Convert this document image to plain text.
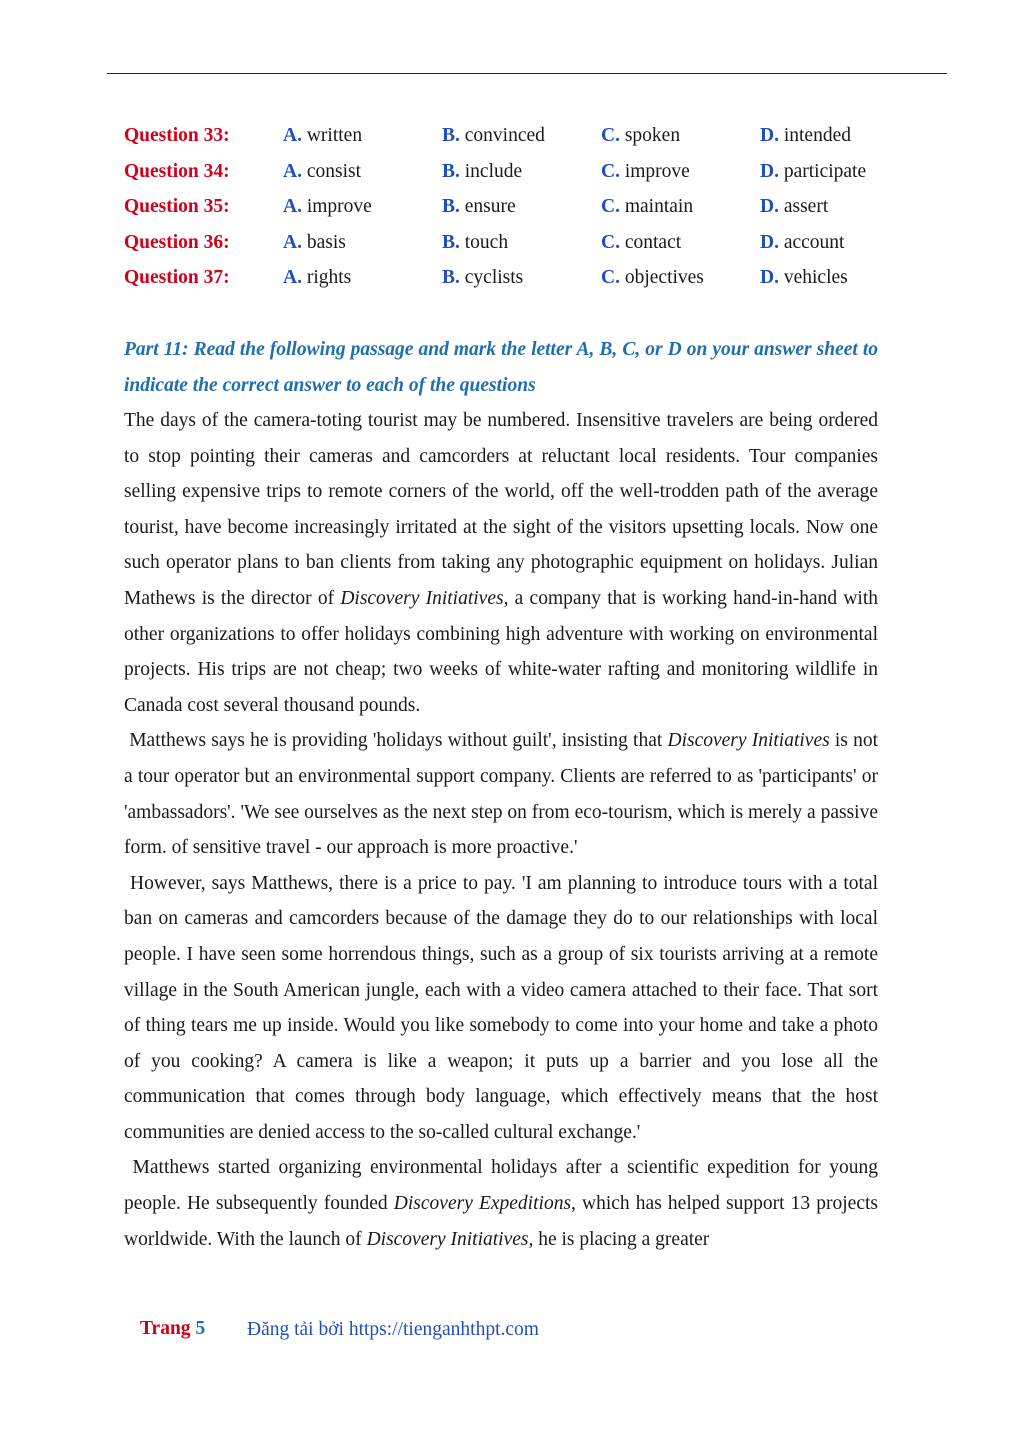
Question 33:	A. written	B. convinced	C. spoken	D. intended
Question 34:	A. consist	B. include	C. improve	D. participate
Question 35:	A. improve	B. ensure	C. maintain	D. assert
Question 36:	A. basis	B. touch	C. contact	D. account
Question 37:	A. rights	B. cyclists	C. objectives	D. vehicles
Part 11: Read the following passage and mark the letter A, B, C, or D on your answer sheet to indicate the correct answer to each of the questions

The days of the camera-toting tourist may be numbered. Insensitive travelers are being ordered to stop pointing their cameras and camcorders at reluctant local residents. Tour companies selling expensive trips to remote corners of the world, off the well-trodden path of the average tourist, have become increasingly irritated at the sight of the visitors upsetting locals. Now one such operator plans to ban clients from taking any photographic equipment on holidays. Julian Mathews is the director of Discovery Initiatives, a company that is working hand-in-hand with other organizations to offer holidays combining high adventure with working on environmental projects. His trips are not cheap; two weeks of white-water rafting and monitoring wildlife in Canada cost several thousand pounds.

Matthews says he is providing 'holidays without guilt', insisting that Discovery Initiatives is not a tour operator but an environmental support company. Clients are referred to as 'participants' or 'ambassadors'. 'We see ourselves as the next step on from eco-tourism, which is merely a passive form. of sensitive travel - our approach is more proactive.'

However, says Matthews, there is a price to pay. 'I am planning to introduce tours with a total ban on cameras and camcorders because of the damage they do to our relationships with local people. I have seen some horrendous things, such as a group of six tourists arriving at a remote village in the South American jungle, each with a video camera attached to their face. That sort of thing tears me up inside. Would you like somebody to come into your home and take a photo of you cooking? A camera is like a weapon; it puts up a barrier and you lose all the communication that comes through body language, which effectively means that the host communities are denied access to the so-called cultural exchange.'

Matthews started organizing environmental holidays after a scientific expedition for young people. He subsequently founded Discovery Expeditions, which has helped support 13 projects worldwide. With the launch of Discovery Initiatives, he is placing a greater

Trang 5 Đăng tải bởi https://tienganhthpt.com
